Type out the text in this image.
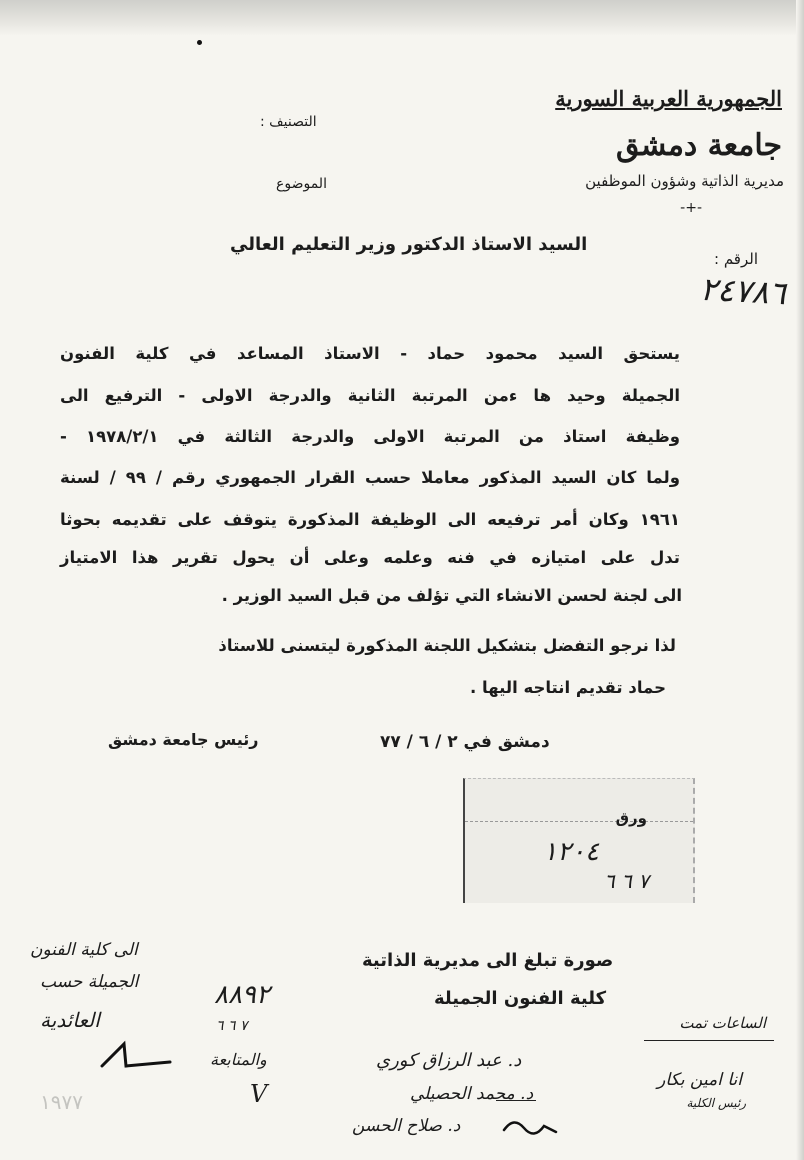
الجمهورية العربية السورية
جامعة دمشق
مديرية الذاتية وشؤون الموظفين
-+-
التصنيف :
الموضوع
الرقم :
٢٤٧٨٦
السيد الاستاذ الدكتور وزير التعليم العالي
يستحق السيد محمود حماد - الاستاذ المساعد في كلية الفنون
الجميلة وحيد ها ءمن المرتبة الثانية والدرجة الاولى - الترفيع الى
وظيفة استاذ من المرتبة الاولى والدرجة الثالثة في ١٩٧٨/٢/١ -
ولما كان السيد المذكور معاملا حسب القرار الجمهوري رقم / ٩٩ / لسنة
١٩٦١ وكان أمر ترفيعه الى الوظيفة المذكورة يتوقف على تقديمه بحوثا
تدل على امتيازه في فنه وعلمه وعلى أن يحول تقرير هذا الامتياز
الى لجنة لحسن الانشاء التي تؤلف من قبل السيد الوزير .
لذا نرجو التفضل بتشكيل اللجنة المذكورة ليتسنى للاستاذ
حماد تقديم انتاجه اليها .
دمشق في ٢ / ٦ / ٧٧
رئيس جامعة دمشق
ورق
١٢٠٤
٧ ٦ ٦
صورة تبلغ الى مديرية الذاتية
كلية الفنون الجميلة
الى كلية الفنون
الجميلة حسب
العائدية
٨٨٩٢
٧ ٦ ٦
والمتابعة
V
١٩٧٧
الساعات تمت
انا امين بكار
رئيس الكلية
د. عبد الرزاق كوري
د. محمد الحصيلي
د. صلاح الحسن
